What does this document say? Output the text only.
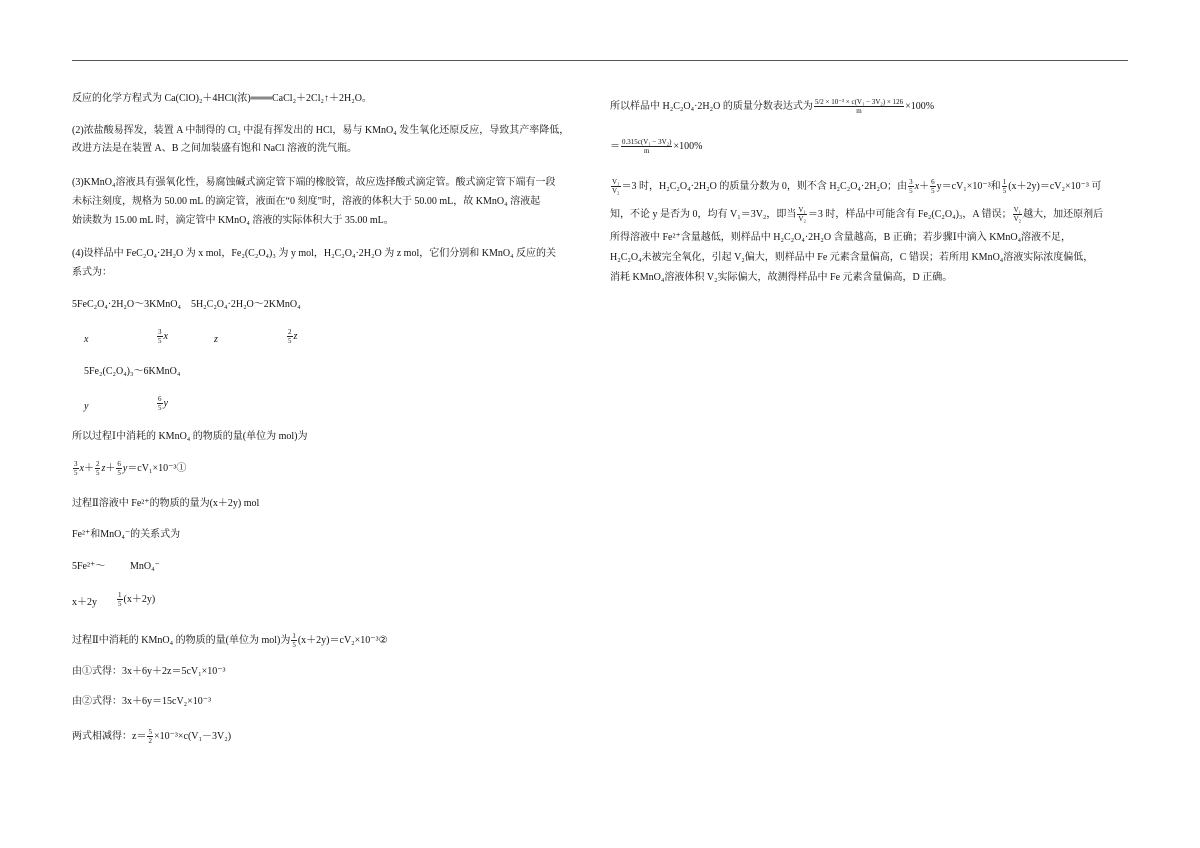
反应的化学方程式为 Ca(ClO)₂＋4HCl(浓)═══CaCl₂＋2Cl₂↑＋2H₂O。
(2)浓盐酸易挥发，装置 A 中制得的 Cl₂ 中混有挥发出的 HCl，易与 KMnO₄ 发生氧化还原反应，导致其产率降低，
改进方法是在装置 A、B 之间加装盛有饱和 NaCl 溶液的洗气瓶。
(3)KMnO₄溶液具有强氧化性，易腐蚀碱式滴定管下端的橡胶管，故应选择酸式滴定管。酸式滴定管下端有一段
未标注刻度，规格为 50.00 mL 的滴定管，液面在“0 刻度”时，溶液的体积大于 50.00 mL，故 KMnO₄ 溶液起
始读数为 15.00 mL 时，滴定管中 KMnO₄ 溶液的实际体积大于 35.00 mL。
(4)设样品中 FeC₂O₄·2H₂O 为 x mol，Fe₂(C₂O₄)₃ 为 y mol，H₂C₂O₄·2H₂O 为 z mol，它们分别和 KMnO₄ 反应的关
系式为：
5FeC₂O₄·2H₂O～3KMnO₄　5H₂C₂O₄·2H₂O～2KMnO₄
x	$\frac{3}{5}$ x	z	$\frac{2}{5}$ z
5Fe₂(C₂O₄)₃～6KMnO₄
y	$\frac{6}{5}$ y
所以过程Ⅰ中消耗的 KMnO₄ 的物质的量(单位为 mol)为
$\frac{3}{5} x+ \frac{2}{5} z+ \frac{6}{5}$ y＝cV₁×10⁻³①
过程Ⅱ溶液中 Fe²⁺的物质的量为(x＋2y) mol
Fe²⁺和MnO₄⁻的关系式为
5Fe²⁺～ MnO₄⁻
x＋2y	$\frac{1}{5} (x+2y)$
过程Ⅱ中消耗的 KMnO₄ 的物质的量(单位为 mol)为 $\frac{1}{5}$ (x＋2y)＝cV₂×10⁻³②
由①式得：3x＋6y＋2z＝5cV₁×10⁻³
由②式得：3x＋6y＝15cV₂×10⁻³
两式相减得：$z= \frac{5}{2} \times 10^{-3}\times c(V_1-3V_2)$
所以样品中 H₂C₂O₄·2H₂O 的质量分数表达式为 $\frac{\text{5/2 × 10⁻³ × c(V₁ − 3V₂) × 126}}{m} \times 100\%$
＝ $\frac{\text{0.315c(V₁ − 3V₂)}}{m} \times 100\%$
$\frac{\text{V₁}}{\text{V₂}} =3$ 时，H₂C₂O₄·2H₂O 的质量分数为 0，则不含 H₂C₂O₄·2H₂O；由 $\frac{3}{5} x+ \frac{6}{5} y=cV_1\times 10^{-3}$和 $\frac{1}{5} (x+2y)=cV_2\times 10^{-3}$ 可
知，不论 y 是否为 0，均有 V₁＝3V₂，即当 $\frac{\text{V₁}}{\text{V₂}} =3$ 时，样品中可能含有 Fe₂(C₂O₄)₃，A 错误； $\frac{\text{V₁}}{\text{V₂}}$ 越大，加还原剂后
所得溶液中 Fe²⁺含量越低，则样品中 H₂C₂O₄·2H₂O 含量越高，B 正确；若步骤Ⅰ中滴入 KMnO₄溶液不足，
H₂C₂O₄未被完全氧化，引起 V₂偏大，则样品中 Fe 元素含量偏高，C 错误；若所用 KMnO₄溶液实际浓度偏低，
消耗 KMnO₄溶液体积 V₂实际偏大，故测得样品中 Fe 元素含量偏高，D 正确。
